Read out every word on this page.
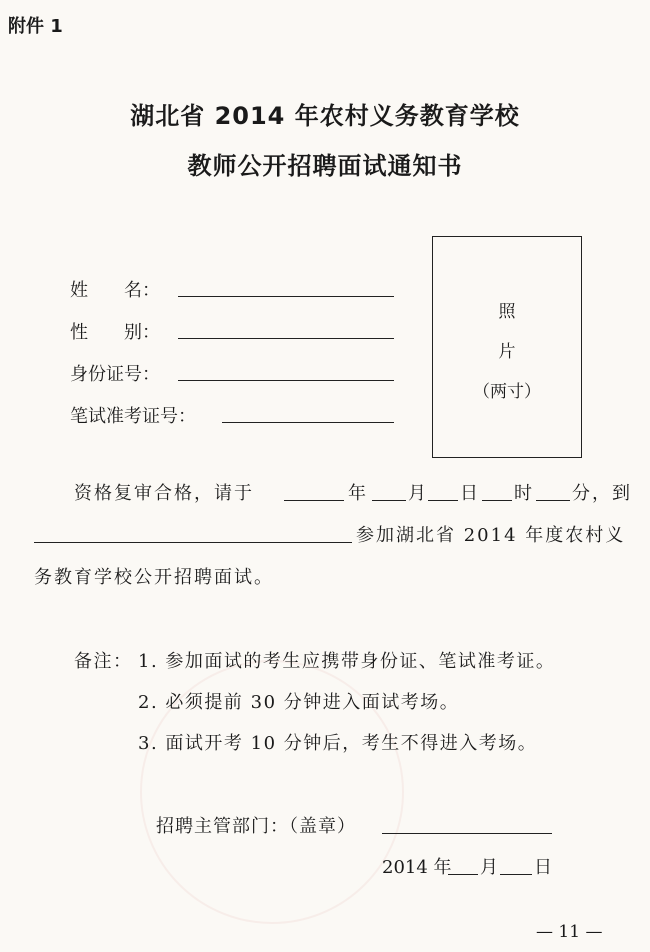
附件 1
湖北省 2014 年农村义务教育学校
教师公开招聘面试通知书
姓　　名：
性　　别：
身份证号：
笔试准考证号：
照
片
（两寸）
资格复审合格，请于	年 月 日 时 分，到
参加湖北省 2014 年度农村义
务教育学校公开招聘面试。
备注： 1. 参加面试的考生应携带身份证、笔试准考证。
2. 必须提前 30 分钟进入面试考场。
3. 面试开考 10 分钟后，考生不得进入考场。
招聘主管部门：（盖章）
2014 年 月 日
— 11 —
